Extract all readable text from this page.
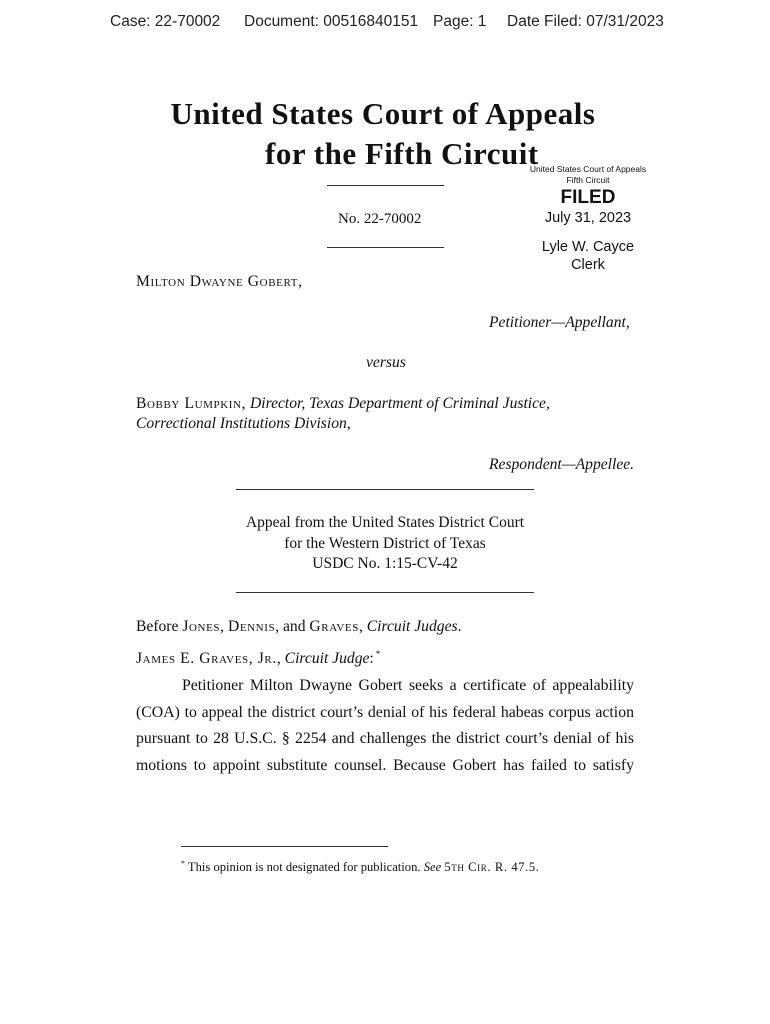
Case: 22-70002 Document: 00516840151 Page: 1 Date Filed: 07/31/2023
United States Court of Appeals
for the Fifth Circuit
No. 22-70002
United States Court of Appeals
Fifth Circuit
FILED
July 31, 2023
Lyle W. Cayce
Clerk
Milton Dwayne Gobert,
Petitioner—Appellant,
versus
Bobby Lumpkin, Director, Texas Department of Criminal Justice,
Correctional Institutions Division,
Respondent—Appellee.
Appeal from the United States District Court
for the Western District of Texas
USDC No. 1:15-CV-42
Before Jones, Dennis, and Graves, Circuit Judges.
James E. Graves, Jr., Circuit Judge: *
Petitioner Milton Dwayne Gobert seeks a certificate of appealability
(COA) to appeal the district court’s denial of his federal habeas corpus action
pursuant to 28 U.S.C. § 2254 and challenges the district court’s denial of his
motions to appoint substitute counsel. Because Gobert has failed to satisfy
* This opinion is not designated for publication. See 5th Cir. R. 47.5.
